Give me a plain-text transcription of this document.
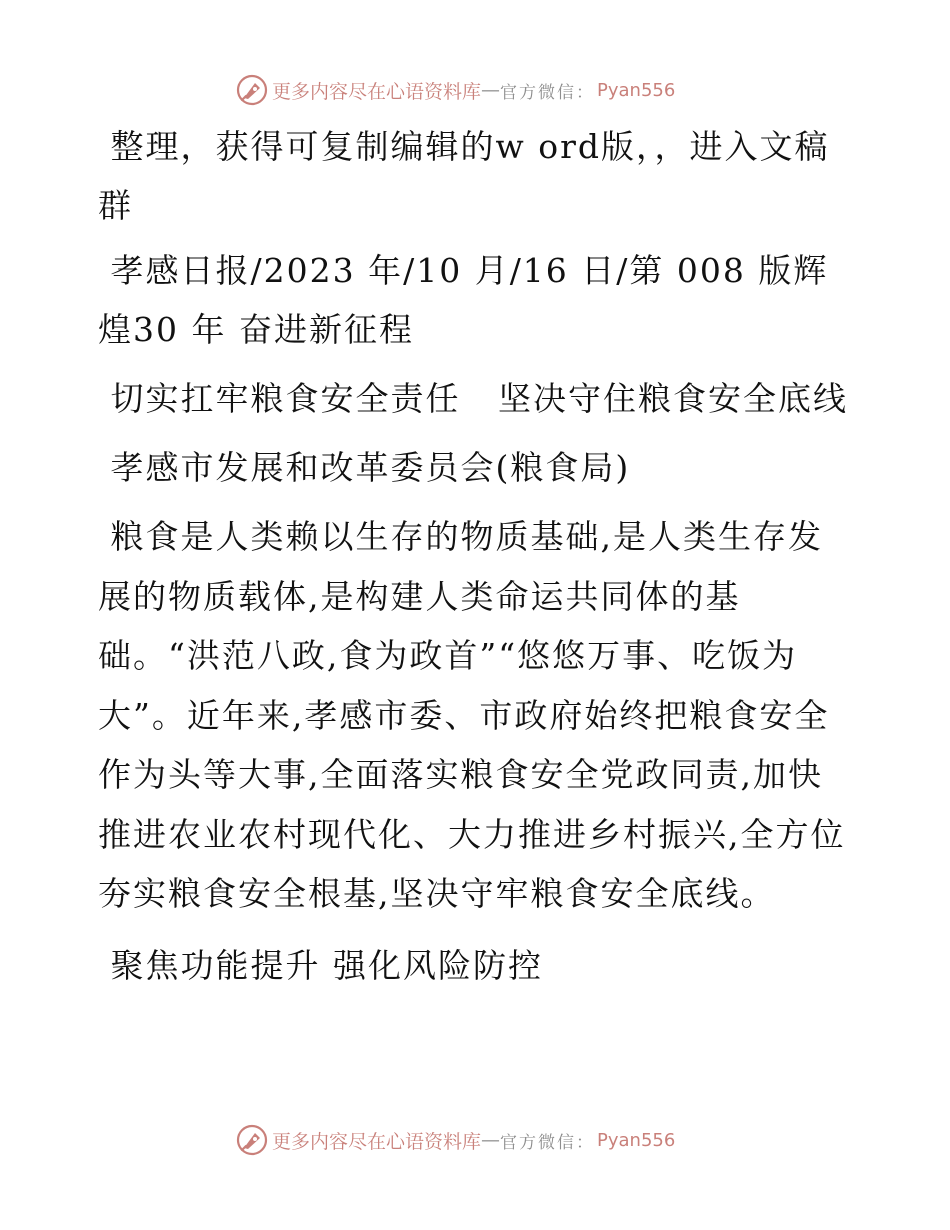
更多内容尽在心语资料库 — 官方微信： Pyan556

整理，获得可复制编辑的w ord版，，进入文稿群

孝感日报/2023 年/10 月/16 日/第 008 版辉煌30 年 奋进新征程

切实扛牢粮食安全责任   坚决守住粮食安全底线

孝感市发展和改革委员会(粮食局)

粮食是人类赖以生存的物质基础,是人类生存发展的物质载体,是构建人类命运共同体的基础。“洪范八政,食为政首”“悠悠万事、吃饭为大”。近年来,孝感市委、市政府始终把粮食安全作为头等大事,全面落实粮食安全党政同责,加快推进农业农村现代化、大力推进乡村振兴,全方位夯实粮食安全根基,坚决守牢粮食安全底线。

聚焦功能提升 强化风险防控

更多内容尽在心语资料库 — 官方微信： Pyan556
